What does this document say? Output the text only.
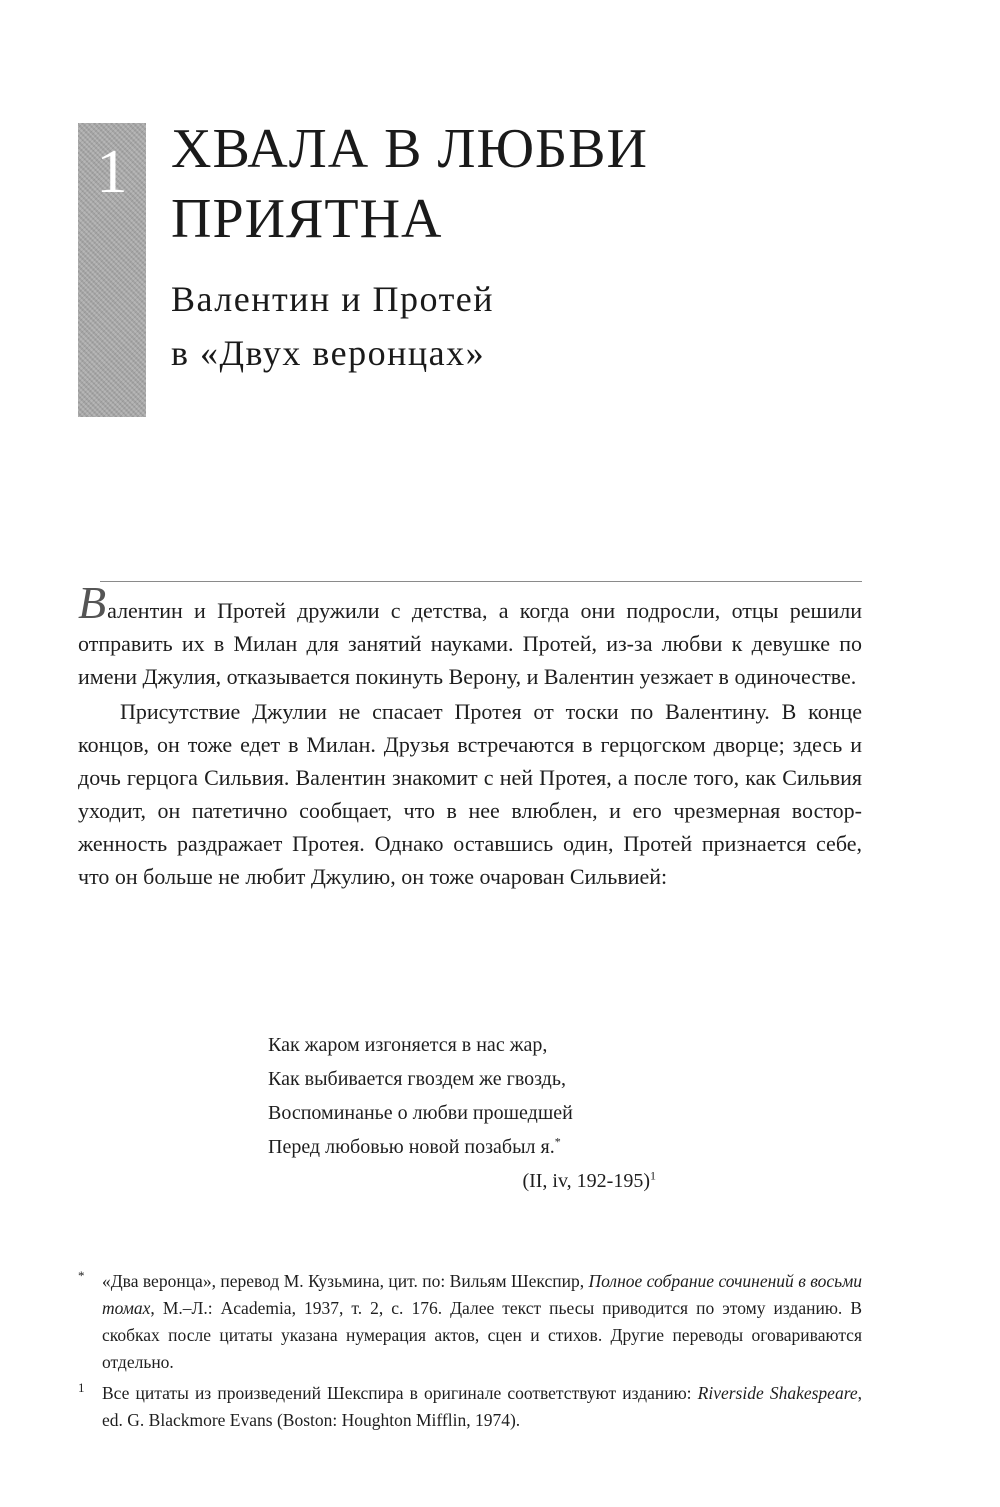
1 ХВАЛА В ЛЮБВИ
ПРИЯТНА
Валентин и Протей
в «Двух веронцах»

Валентин и Протей дружили с детства, а когда они подросли, отцы решили отправить их в Милан для занятий науками. Протей, из-за любви к девушке по имени Джулия, отказывается покинуть Верону, и Валентин уезжает в одиночестве.

Присутствие Джулии не спасает Протея от тоски по Валентину. В конце концов, он тоже едет в Милан. Друзья встречаются в герцогском дворце; здесь и дочь герцога Сильвия. Валентин знакомит с ней Протея, а после того, как Сильвия уходит, он патетично сообщает, что в нее влюблен, и его чрезмерная восторженность раздражает Протея. Однако оставшись один, Протей признается себе, что он больше не любит Джулию, он тоже очарован Сильвией:

Как жаром изгоняется в нас жар,
Как выбивается гвоздем же гвоздь,
Воспоминанье о любви прошедшей
Перед любовью новой позабыл я.*
(II, iv, 192-195)$^1$
* «Два веронца», перевод М. Кузьмина, цит. по: Вильям Шекспир, Полное собрание сочинений в восьми томах, М.–Л.: Academia, 1937, т. 2, с. 176. Далее текст пьесы приводится по этому изданию. В скобках после цитаты указана нумерация актов, сцен и стихов. Другие переводы оговариваются отдельно.
1 Все цитаты из произведений Шекспира в оригинале соответствуют изданию: Riverside Shakespeare, ed. G. Blackmore Evans (Boston: Houghton Mifflin, 1974).
